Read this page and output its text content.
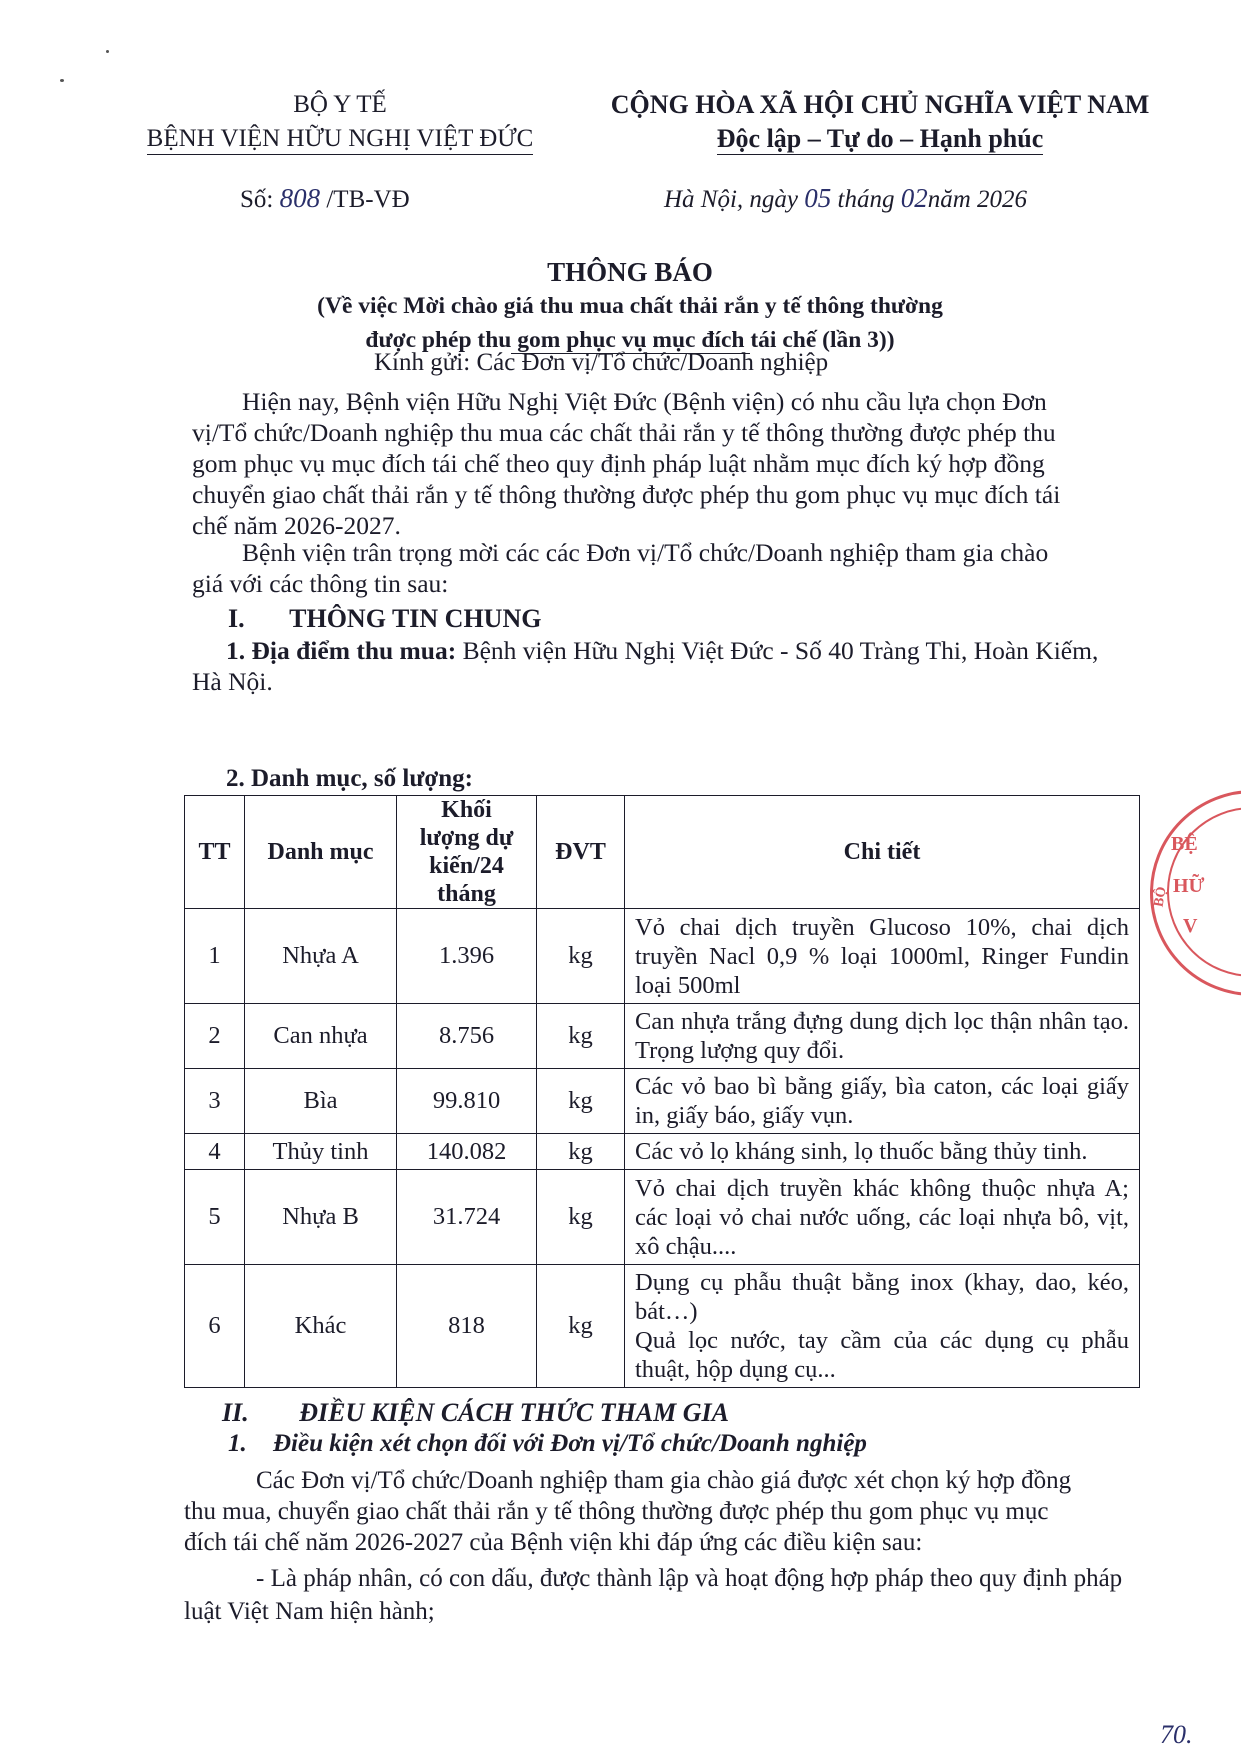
BỘ Y TẾ
BỆNH VIỆN HỮU NGHỊ VIỆT ĐỨC
CỘNG HÒA XÃ HỘI CHỦ NGHĨA VIỆT NAM
Độc lập – Tự do – Hạnh phúc
Số: 808 /TB-VĐ	Hà Nội, ngày 05 tháng 02năm 2026
THÔNG BÁO
(Về việc Mời chào giá thu mua chất thải rắn y tế thông thường
được phép thu gom phục vụ mục đích tái chế (lần 3))
Kính gửi: Các Đơn vị/Tổ chức/Doanh nghiệp
Hiện nay, Bệnh viện Hữu Nghị Việt Đức (Bệnh viện) có nhu cầu lựa chọn Đơn
vị/Tổ chức/Doanh nghiệp thu mua các chất thải rắn y tế thông thường được phép thu
gom phục vụ mục đích tái chế theo quy định pháp luật nhằm mục đích ký hợp đồng
chuyển giao chất thải rắn y tế thông thường được phép thu gom phục vụ mục đích tái
chế năm 2026-2027.
Bệnh viện trân trọng mời các các Đơn vị/Tổ chức/Doanh nghiệp tham gia chào
giá với các thông tin sau:
I. THÔNG TIN CHUNG
1. Địa điểm thu mua: Bệnh viện Hữu Nghị Việt Đức - Số 40 Tràng Thi, Hoàn Kiếm,
Hà Nội.
2. Danh mục, số lượng:
TT	Danh mục	Khối
lượng dự
kiến/24
tháng	ĐVT	Chi tiết
1	Nhựa A	1.396	kg	Vỏ chai dịch truyền Glucoso 10%, chai dịch truyền Nacl 0,9 % loại 1000ml, Ringer Fundin loại 500ml
2	Can nhựa	8.756	kg	Can nhựa trắng đựng dung dịch lọc thận nhân tạo. Trọng lượng quy đổi.
3	Bìa	99.810	kg	Các vỏ bao bì bằng giấy, bìa caton, các loại giấy in, giấy báo, giấy vụn.
4	Thủy tinh	140.082	kg	Các vỏ lọ kháng sinh, lọ thuốc bằng thủy tinh.
5	Nhựa B	31.724	kg	Vỏ chai dịch truyền khác không thuộc nhựa A; các loại vỏ chai nước uống, các loại nhựa bô, vịt, xô chậu....
6	Khác	818	kg	Dụng cụ phẫu thuật bằng inox (khay, dao, kéo, bát…)
Quả lọc nước, tay cầm của các dụng cụ phẫu thuật, hộp dụng cụ...
II. ĐIỀU KIỆN CÁCH THỨC THAM GIA
1. Điều kiện xét chọn đối với Đơn vị/Tổ chức/Doanh nghiệp
Các Đơn vị/Tổ chức/Doanh nghiệp tham gia chào giá được xét chọn ký hợp đồng
thu mua, chuyển giao chất thải rắn y tế thông thường được phép thu gom phục vụ mục
đích tái chế năm 2026-2027 của Bệnh viện khi đáp ứng các điều kiện sau:
- Là pháp nhân, có con dấu, được thành lập và hoạt động hợp pháp theo quy định pháp
luật Việt Nam hiện hành;
BỆ
HỮ
V
BỘ
70.
